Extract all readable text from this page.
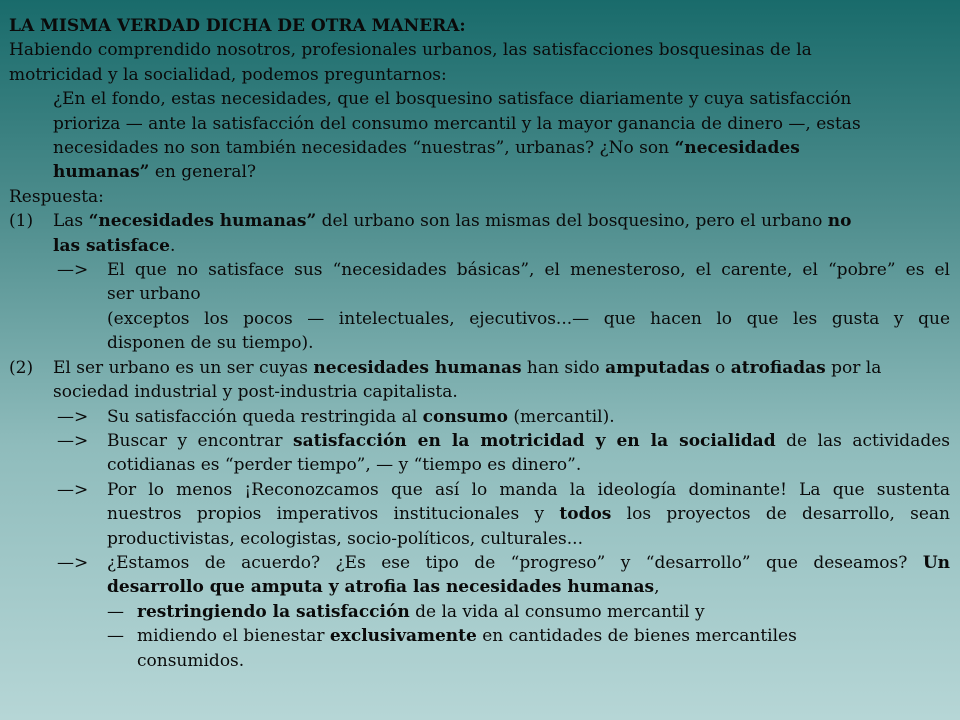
LA MISMA VERDAD DICHA DE OTRA MANERA:
Habiendo comprendido nosotros, profesionales urbanos, las satisfacciones bosquesinas de la
motricidad y la socialidad, podemos preguntarnos:
¿En el fondo, estas necesidades, que el bosquesino satisface diariamente y cuya satisfacción
prioriza — ante la satisfacción del consumo mercantil y la mayor ganancia de dinero —, estas
necesidades no son también necesidades “nuestras”, urbanas? ¿No son “necesidades
humanas” en general?
Respuesta:
(1)	Las “necesidades humanas” del urbano son las mismas del bosquesino, pero el urbano no
las satisface.
—>	El que no satisface sus “necesidades básicas”, el menesteroso, el carente, el “pobre” es el
ser urbano
(exceptos los pocos — intelectuales, ejecutivos...— que hacen lo que les gusta y que
disponen de su tiempo).
(2)	El ser urbano es un ser cuyas necesidades humanas han sido amputadas o atrofiadas por la
sociedad industrial y post-industria capitalista.
—>	Su satisfacción queda restringida al consumo (mercantil).
—>	Buscar y encontrar satisfacción en la motricidad y en la socialidad de las actividades
cotidianas es “perder tiempo”, — y “tiempo es dinero”.
—>	Por lo menos ¡Reconozcamos que así lo manda la ideología dominante! La que sustenta
nuestros propios imperativos institucionales y todos los proyectos de desarrollo, sean
productivistas, ecologistas, socio-políticos, culturales...
—>	¿Estamos de acuerdo? ¿Es ese tipo de “progreso” y “desarrollo” que deseamos? Un
desarrollo que amputa y atrofia las necesidades humanas,
— restringiendo la satisfacción de la vida al consumo mercantil y
— midiendo el bienestar exclusivamente en cantidades de bienes mercantiles
consumidos.
